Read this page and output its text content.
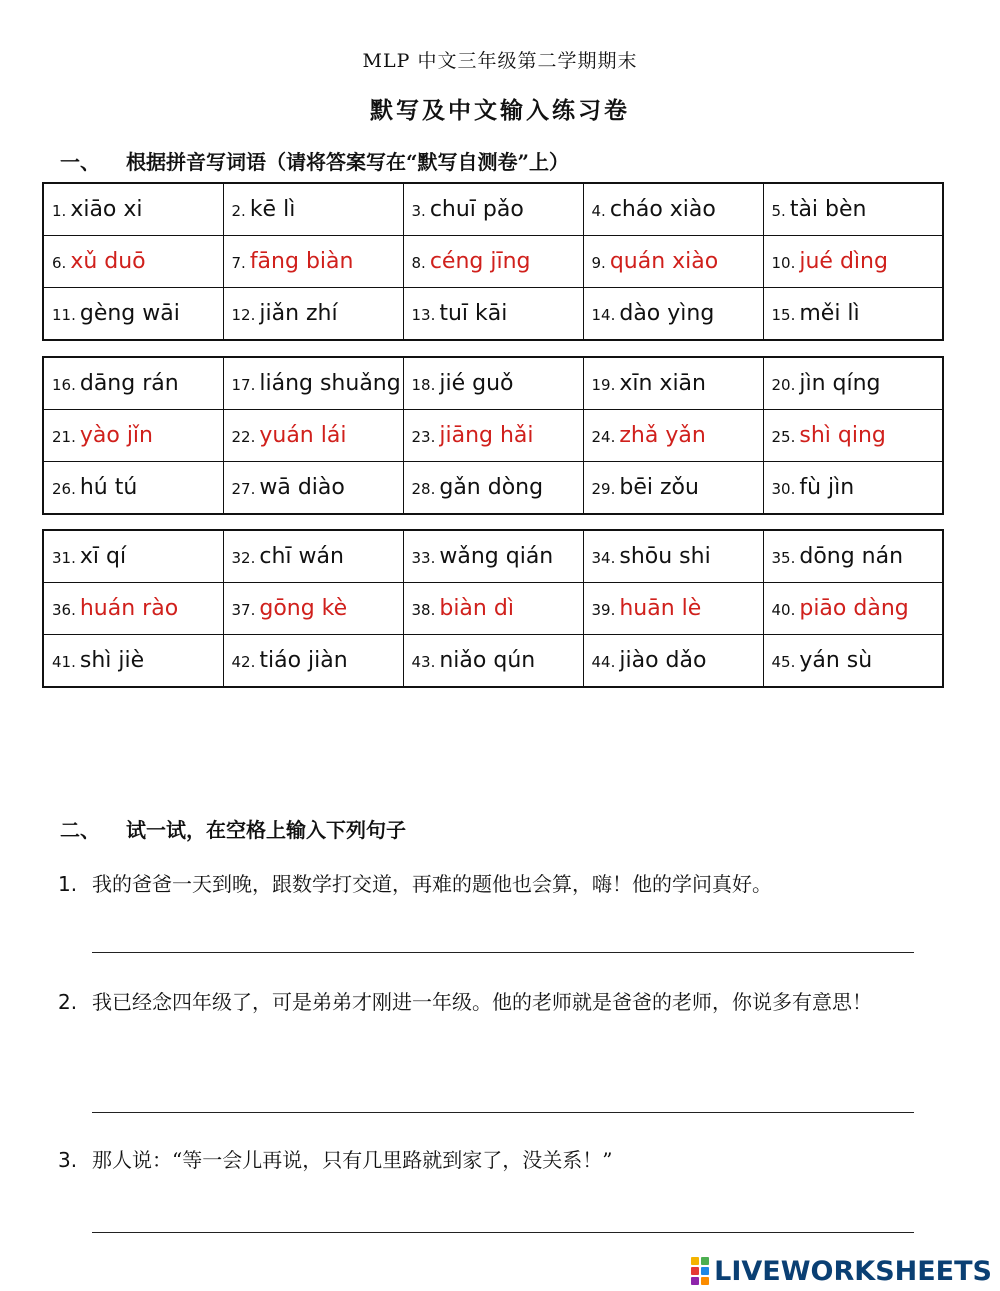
MLP 中文三年级第二学期期末
默写及中文输入练习卷
一、 根据拼音写词语（请将答案写在“默写自测卷”上）
1. xiāo xi	2. kē lì	3. chuī pǎo	4. cháo xiào	5. tài bèn
6. xǔ duō	7. fāng biàn	8. céng jīng	9. quán xiào	10. jué dìng
11. gèng wāi	12. jiǎn zhí	13. tuī kāi	14. dào yìng	15. měi lì
16. dāng rán	17. liáng shuǎng	18. jié guǒ	19. xīn xiān	20. jìn qíng
21. yào jǐn	22. yuán lái	23. jiāng hǎi	24. zhǎ yǎn	25. shì qing
26. hú tú	27. wā diào	28. gǎn dòng	29. bēi zǒu	30. fù jìn
31. xī qí	32. chī wán	33. wǎng qián	34. shōu shi	35. dōng nán
36. huán rào	37. gōng kè	38. biàn dì	39. huān lè	40. piāo dàng
41. shì jiè	42. tiáo jiàn	43. niǎo qún	44. jiào dǎo	45. yán sù
二、 试一试，在空格上输入下列句子
1. 我的爸爸一天到晚，跟数学打交道，再难的题他也会算，嗨！他的学问真好。
2. 我已经念四年级了，可是弟弟才刚进一年级。他的老师就是爸爸的老师，你说多有意思！
3. 那人说：“等一会儿再说，只有几里路就到家了，没关系！”
LIVEWORKSHEETS
